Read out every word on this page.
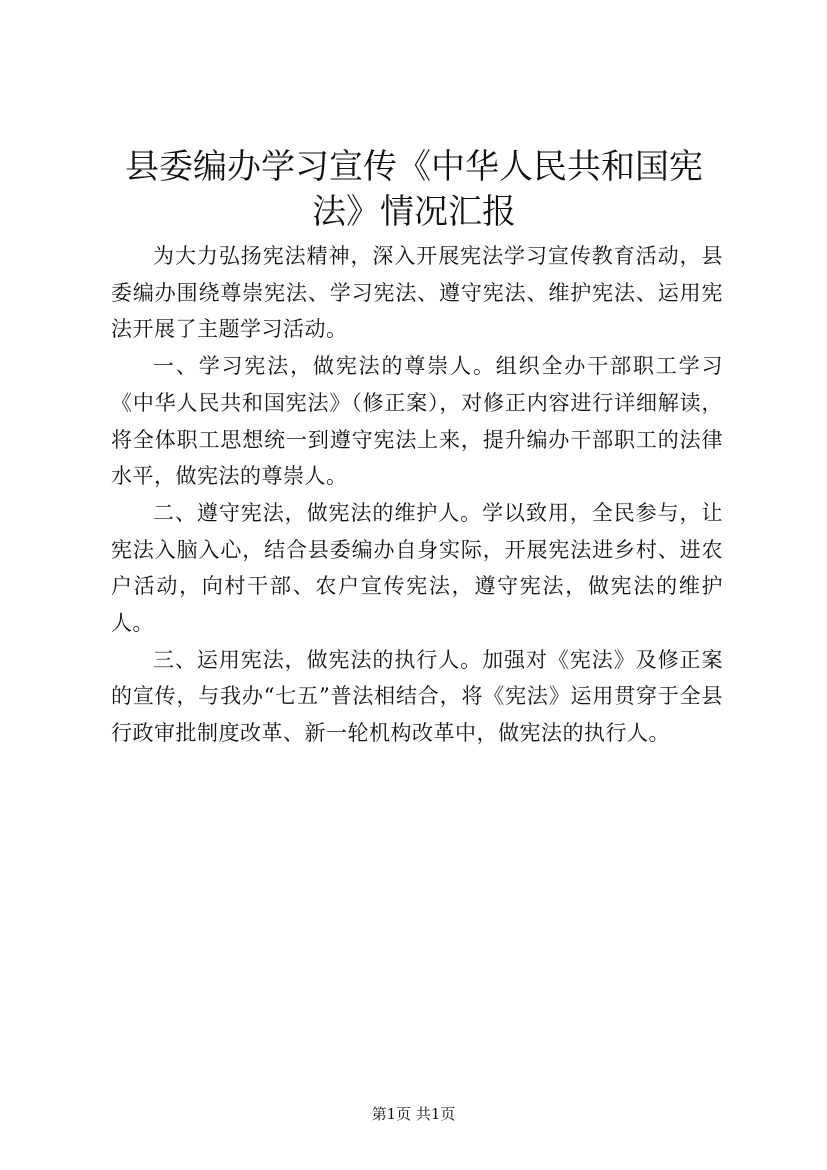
县委编办学习宣传《中华人民共和国宪法》情况汇报

为大力弘扬宪法精神，深入开展宪法学习宣传教育活动，县委编办围绕尊崇宪法、学习宪法、遵守宪法、维护宪法、运用宪法开展了主题学习活动。

一、学习宪法，做宪法的尊崇人。组织全办干部职工学习《中华人民共和国宪法》（修正案），对修正内容进行详细解读，将全体职工思想统一到遵守宪法上来，提升编办干部职工的法律水平，做宪法的尊崇人。

二、遵守宪法，做宪法的维护人。学以致用，全民参与，让宪法入脑入心，结合县委编办自身实际，开展宪法进乡村、进农户活动，向村干部、农户宣传宪法，遵守宪法，做宪法的维护人。

三、运用宪法，做宪法的执行人。加强对《宪法》及修正案的宣传，与我办“七五”普法相结合，将《宪法》运用贯穿于全县行政审批制度改革、新一轮机构改革中，做宪法的执行人。

第1页 共1页
